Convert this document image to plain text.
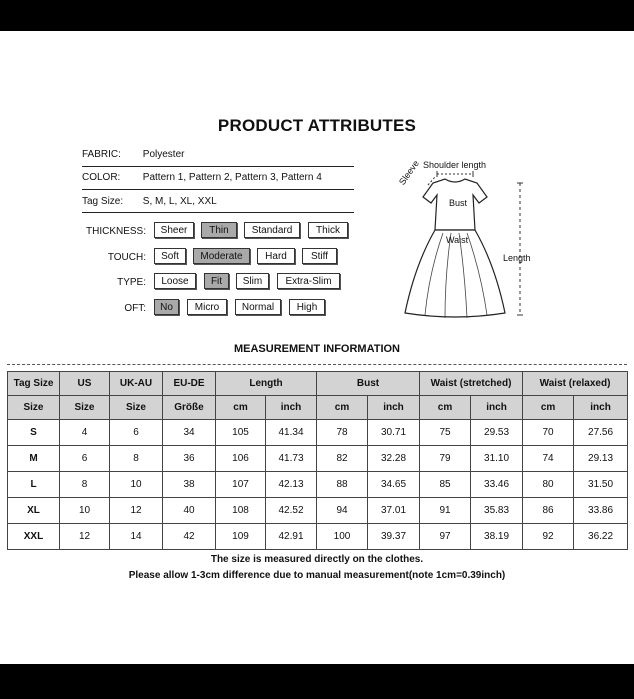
PRODUCT ATTRIBUTES
FABRIC: Polyester
COLOR: Pattern 1, Pattern 2, Pattern 3, Pattern 4
Tag Size: S, M, L, XL, XXL
THICKNESS:	Sheer	Thin	Standard	Thick
TOUCH:	Soft	Moderate	Hard	Stiff
TYPE:	Loose	Fit	Slim	Extra-Slim
OFT:	No	Micro	Normal	High
Shoulder length
Sleeve
Bust
Waist
Length
MEASUREMENT INFORMATION
Tag Size	US	UK-AU	EU-DE	Length		Bust		Waist (stretched)		Waist (relaxed)	
Size	Size	Size	Größe	cm	inch	cm	inch	cm	inch	cm	inch
S	4	6	34	105	41.34	78	30.71	75	29.53	70	27.56
M	6	8	36	106	41.73	82	32.28	79	31.10	74	29.13
L	8	10	38	107	42.13	88	34.65	85	33.46	80	31.50
XL	10	12	40	108	42.52	94	37.01	91	35.83	86	33.86
XXL	12	14	42	109	42.91	100	39.37	97	38.19	92	36.22
The size is measured directly on the clothes.
Please allow 1-3cm difference due to manual measurement(note 1cm=0.39inch)
